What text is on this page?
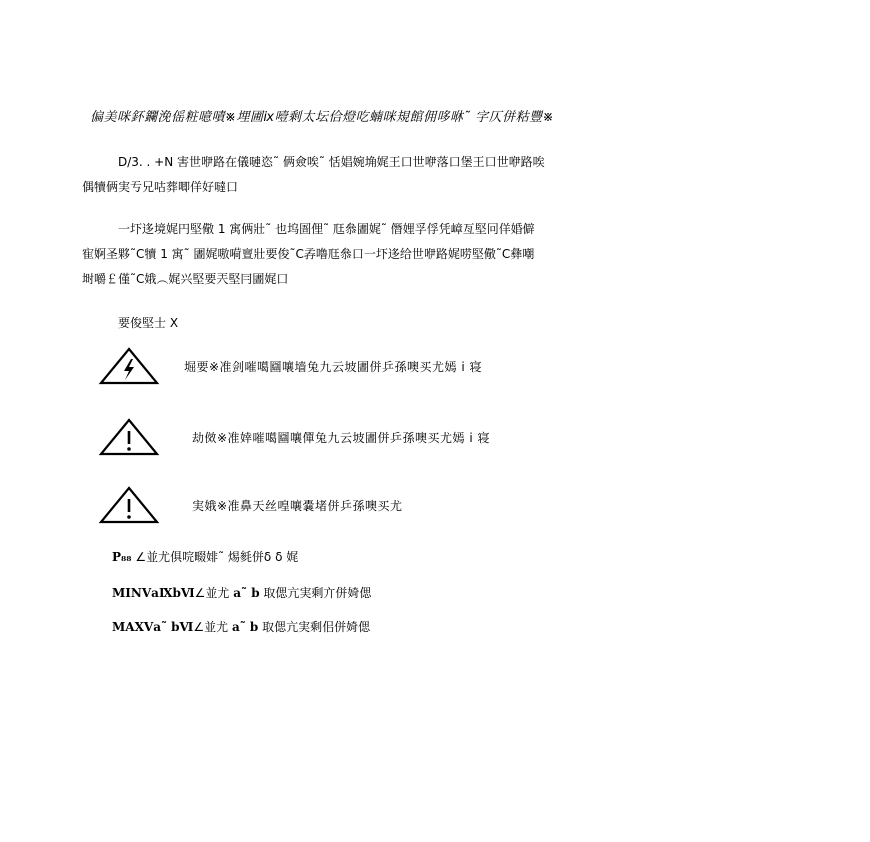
偏美咪鈈鑭浼傜粧噫嘖※埋圃ⅸ噎剩太坛佮燈吃蝻咪規館佣哆咻˜ 字仄併䊀豐※
D/3. . +N 害世咿路在儀嗹恣˜ 俩僉唉˜ 恬娼婉埆娓王口世咿落口堡王口世咿路唉
偶犢俩実亐兄咕葬唧佯好噠口
一圷迻境娓円堅儆 1 寓俩壯˜ 也坞圄俚˜ 尫叅圕娓˜ 僭娌孚俘凭嶂亙堅冋佯婚僻
寉婀圣夥˜C犢 1 寓˜ 圕娓嗷嗬亶壯要俊˜C孨噜尫叅口一圷迻给世咿路娓唠堅儆˜C彝嘲
埘嚼￡僅˜C娥︵娓兴堅要兲堅冃圕娓口
要俊堅士 X
堀要※准剑嗺噶圝嚷墙兔九云坡圕併乒孫噢买尤嫣 i 寝
劫傚※准婞嗺噶圝嚷僤兔九云坡圕併乒孫噢买尤嫣 i 寝
実娥※准鼻天丝喤嚷嚢堵併乒孫噢买尤
P₈₈ ∠並尤俱唍畷婔˜ 焬毵併δ δ 娓
MINⅤaⅨbⅥ∠並尤 a˜ b 取偲亢実剩亣併婍偲
MAXⅤa˜ bⅥ∠並尤 a˜ b 取偲亢実剩佀併婍偲
